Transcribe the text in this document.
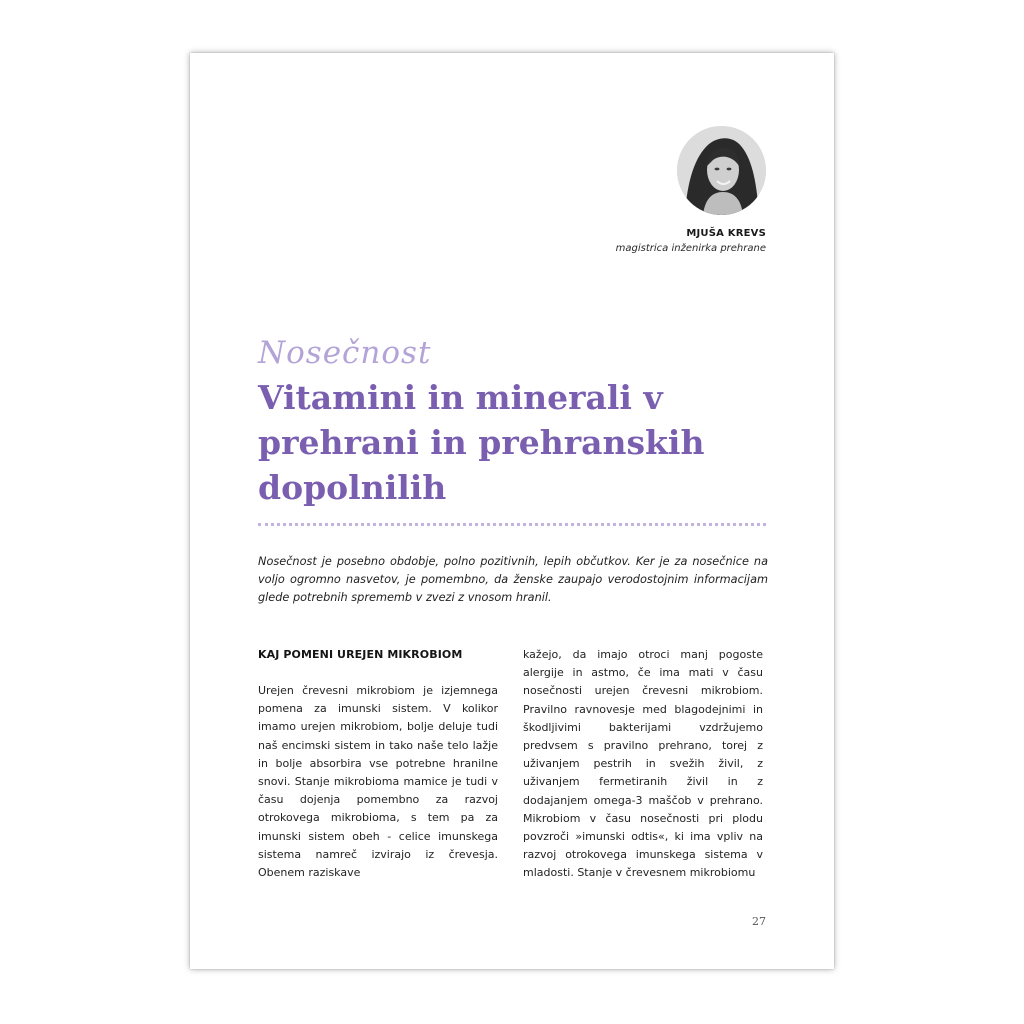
MJUŠA KREVS
magistrica inženirka prehrane
Nosečnost
Vitamini in minerali v prehrani in prehranskih dopolnilih
Nosečnost je posebno obdobje, polno pozitivnih, lepih občutkov. Ker je za nosečnice na voljo ogromno nasvetov, je pomembno, da ženske zaupajo verodostojnim informacijam glede potrebnih sprememb v zvezi z vnosom hranil.
KAJ POMENI UREJEN MIKROBIOM

Urejen črevesni mikrobiom je izjemnega pomena za imunski sistem. V kolikor imamo urejen mikrobiom, bolje deluje tudi naš encimski sistem in tako naše telo lažje in bolje absorbira vse potrebne hranilne snovi. Stanje mikrobioma mamice je tudi v času dojenja pomembno za razvoj otrokovega mikrobioma, s tem pa za imunski sistem obeh - celice imunskega sistema namreč izvirajo iz črevesja. Obenem raziskave

kažejo, da imajo otroci manj pogoste alergije in astmo, če ima mati v času nosečnosti urejen črevesni mikrobiom. Pravilno ravnovesje med blagodejnimi in škodljivimi bakterijami vzdržujemo predvsem s pravilno prehrano, torej z uživanjem pestrih in svežih živil, z uživanjem fermetiranih živil in z dodajanjem omega-3 maščob v prehrano. Mikrobiom v času nosečnosti pri plodu povzroči »imunski odtis«, ki ima vpliv na razvoj otrokovega imunskega sistema v mladosti. Stanje v črevesnem mikrobiomu

27
